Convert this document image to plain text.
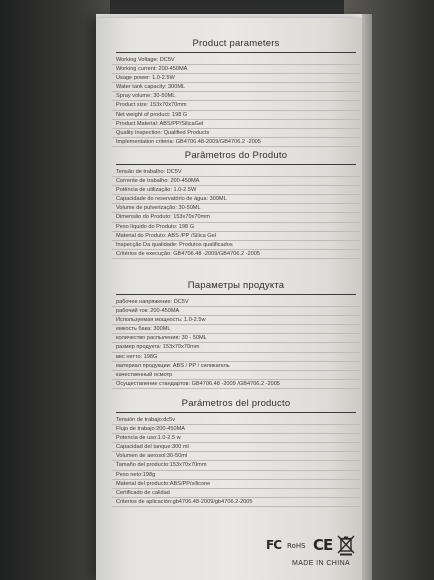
Product parameters
Working Voltage: DC5V
Working current: 200-450MA
Usage power: 1.0-2.5W
Water tank capacity: 300ML
Spray volume: 30-50ML
Product size: 153x70x70mm
Net weight of product: 198 G
Product Material: ABS/PP/SilicaGel
Quality Inspection: Qualified Products
Implementation criteria: GB4706.48-2009/GB4706.2 -2005
Parâmetros do Produto
Tensão de trabalho: DC5V
Corrente de trabalho: 200-450MA
Potência de utilização: 1.0-2.5W
Capacidade do reservatório de água: 300ML
Volume de pulverização: 30-50ML
Dimensão do Produto: 153x70x70mm
Peso líquido do Produto: 198 G
Material do Produto: ABS /PP /Silica Gel
Inspecção Da qualidade: Produtos qualificados
Critérios de execução: GB4706.48 -2009/GB4706.2 -2005
Параметры продукта
рабочее напряжение: DC5V
рабочий ток: 200-450MA
Используемая мощность: 1.0-2.5w
емкость бака: 300ML
количество распыления: 30 - 50ML
размер продукта: 153x70x70mm
вес нетто: 198G
материал продукции: ABS / PP / силикагель
качественный осмотр
Осуществление стандартов: GB4706.48 -2009 /GB4706.2 -2005
Parámetros del producto
Tensión de trabajo:dc5v
Flujo de trabajo:200-450MA
Potencia de uso:1.0-2.5 w
Capacidad del tanque:300 ml
Volumen de aerosol:30-50ml
Tamaño del producto:153x70x70mm
Peso neto:198g
Material del producto:ABS/PP/silicone
Certificado de calidad
Criterios de aplicación:gb4706.48-2009/gb4706.2-2005
FC RoHS CE
MADE IN CHINA
